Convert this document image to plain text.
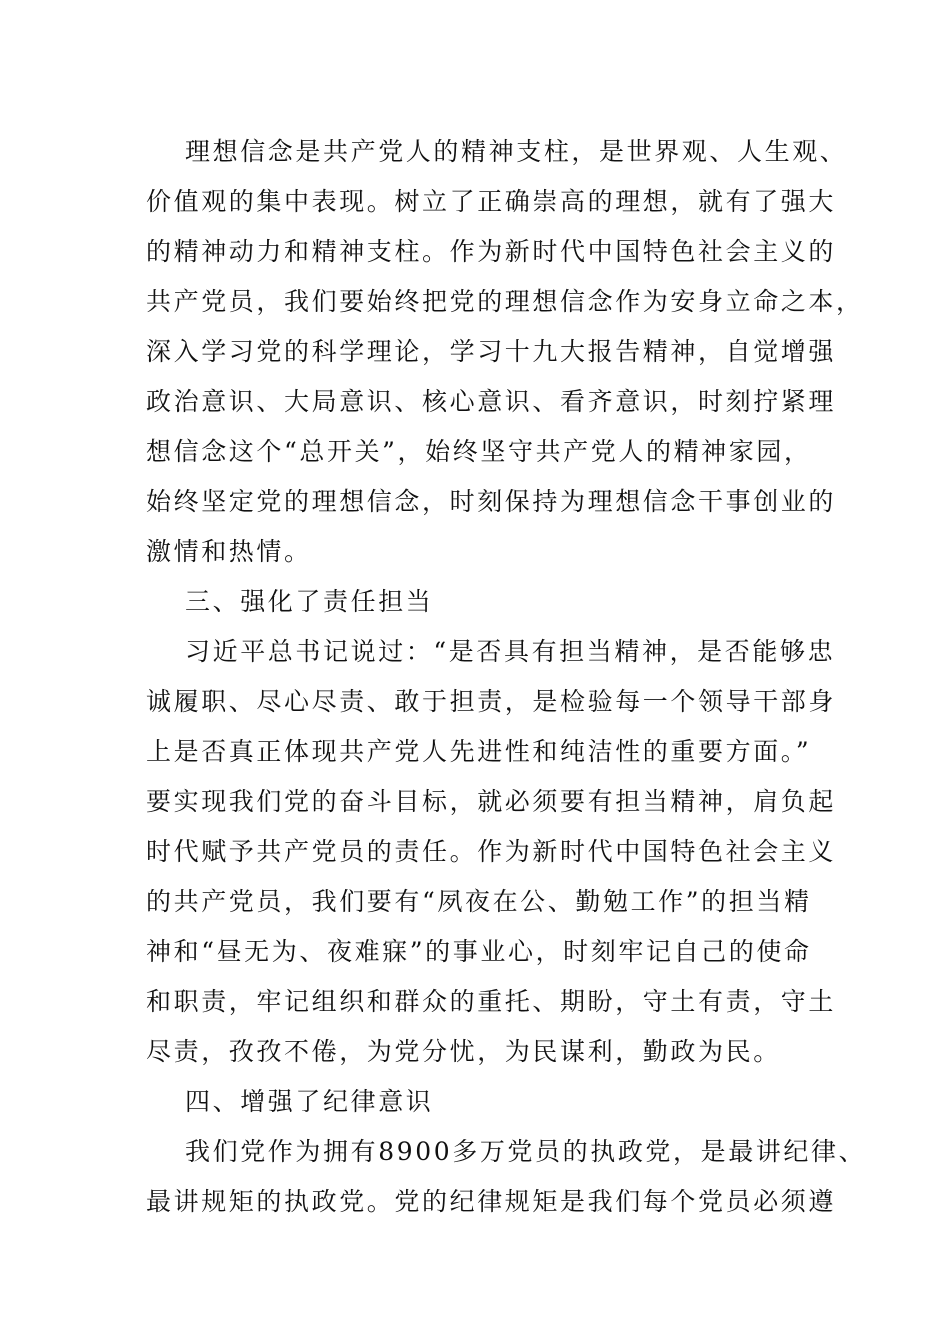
理想信念是共产党人的精神支柱，是世界观、人生观、
价值观的集中表现。树立了正确崇高的理想，就有了强大
的精神动力和精神支柱。作为新时代中国特色社会主义的
共产党员，我们要始终把党的理想信念作为安身立命之本，
深入学习党的科学理论，学习十九大报告精神，自觉增强
政治意识、大局意识、核心意识、看齐意识，时刻拧紧理
想信念这个“总开关”，始终坚守共产党人的精神家园，
始终坚定党的理想信念，时刻保持为理想信念干事创业的
激情和热情。
三、强化了责任担当
习近平总书记说过：“是否具有担当精神，是否能够忠
诚履职、尽心尽责、敢于担责，是检验每一个领导干部身
上是否真正体现共产党人先进性和纯洁性的重要方面。”
要实现我们党的奋斗目标，就必须要有担当精神，肩负起
时代赋予共产党员的责任。作为新时代中国特色社会主义
的共产党员，我们要有“夙夜在公、勤勉工作”的担当精
神和“昼无为、夜难寐”的事业心，时刻牢记自己的使命
和职责，牢记组织和群众的重托、期盼，守土有责，守土
尽责，孜孜不倦，为党分忧，为民谋利，勤政为民。
四、增强了纪律意识
我们党作为拥有8900多万党员的执政党，是最讲纪律、
最讲规矩的执政党。党的纪律规矩是我们每个党员必须遵
